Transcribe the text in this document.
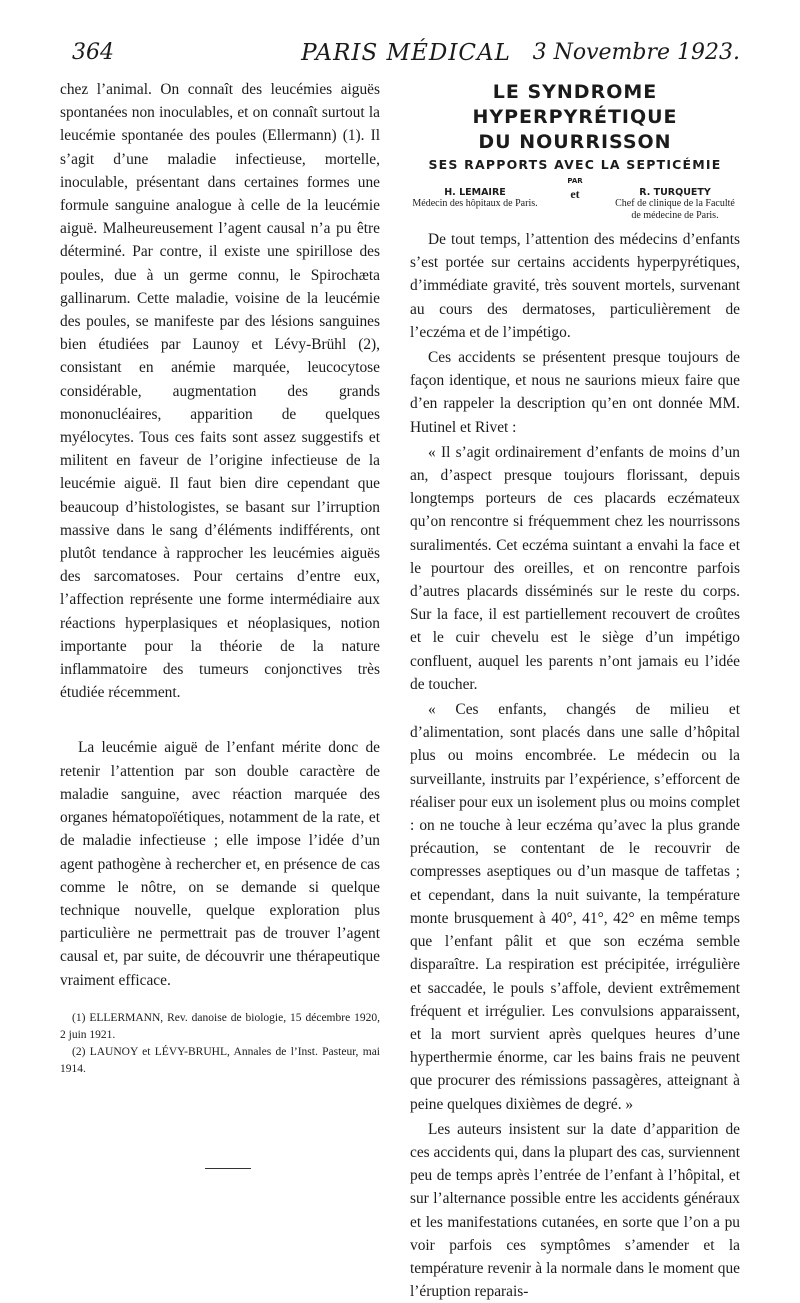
364	PARIS MÉDICAL 3 Novembre 1923.

chez l’animal. On connaît des leucémies aiguës spontanées non inoculables, et on connaît surtout la leucémie spontanée des poules (Ellermann) (1). Il s’agit d’une maladie infectieuse, mortelle, inoculable, présentant dans certaines formes une formule sanguine analogue à celle de la leucémie aiguë. Malheureusement l’agent causal n’a pu être déterminé. Par contre, il existe une spirillose des poules, due à un germe connu, le Spirochæta gallinarum. Cette maladie, voisine de la leucémie des poules, se manifeste par des lésions sanguines bien étudiées par Launoy et Lévy-Brühl (2), consistant en anémie marquée, leucocytose considérable, augmentation des grands mononucléaires, apparition de quelques myélocytes. Tous ces faits sont assez suggestifs et militent en faveur de l’origine infectieuse de la leucémie aiguë. Il faut bien dire cependant que beaucoup d’histologistes, se basant sur l’irruption massive dans le sang d’éléments indifférents, ont plutôt tendance à rapprocher les leucémies aiguës des sarcomatoses. Pour certains d’entre eux, l’affection représente une forme intermédiaire aux réactions hyperplasiques et néoplasiques, notion importante pour la théorie de la nature inflammatoire des tumeurs conjonctives très étudiée récemment.

La leucémie aiguë de l’enfant mérite donc de retenir l’attention par son double caractère de maladie sanguine, avec réaction marquée des organes hématopoïétiques, notamment de la rate, et de maladie infectieuse ; elle impose l’idée d’un agent pathogène à rechercher et, en présence de cas comme le nôtre, on se demande si quelque technique nouvelle, quelque exploration plus particulière ne permettrait pas de trouver l’agent causal et, par suite, de découvrir une thérapeutique vraiment efficace.

(1) ELLERMANN, Rev. danoise de biologie, 15 décembre 1920, 2 juin 1921.
(2) LAUNOY et LÉVY-BRUHL, Annales de l’Inst. Pasteur, mai 1914.
LE SYNDROME
HYPERPYRÉTIQUE
DU NOURRISSON
SES RAPPORTS AVEC LA SEPTICÉMIE
PAR
H. LEMAIRE
Médecin des hôpitaux de Paris.
et	R. TURQUETY
Chef de clinique de la Faculté de médecine de Paris.

De tout temps, l’attention des médecins d’enfants s’est portée sur certains accidents hyperpyrétiques, d’immédiate gravité, très souvent mortels, survenant au cours des dermatoses, particulièrement de l’eczéma et de l’impétigo.

Ces accidents se présentent presque toujours de façon identique, et nous ne saurions mieux faire que d’en rappeler la description qu’en ont donnée MM. Hutinel et Rivet :

« Il s’agit ordinairement d’enfants de moins d’un an, d’aspect presque toujours florissant, depuis longtemps porteurs de ces placards eczémateux qu’on rencontre si fréquemment chez les nourrissons suralimentés. Cet eczéma suintant a envahi la face et le pourtour des oreilles, et on rencontre parfois d’autres placards disséminés sur le reste du corps. Sur la face, il est partiellement recouvert de croûtes et le cuir chevelu est le siège d’un impétigo confluent, auquel les parents n’ont jamais eu l’idée de toucher.

« Ces enfants, changés de milieu et d’alimentation, sont placés dans une salle d’hôpital plus ou moins encombrée. Le médecin ou la surveillante, instruits par l’expérience, s’efforcent de réaliser pour eux un isolement plus ou moins complet : on ne touche à leur eczéma qu’avec la plus grande précaution, se contentant de le recouvrir de compresses aseptiques ou d’un masque de taffetas ; et cependant, dans la nuit suivante, la température monte brusquement à 40°, 41°, 42° en même temps que l’enfant pâlit et que son eczéma semble disparaître. La respiration est précipitée, irrégulière et saccadée, le pouls s’affole, devient extrêmement fréquent et irrégulier. Les convulsions apparaissent, et la mort survient après quelques heures d’une hyperthermie énorme, car les bains frais ne peuvent que procurer des rémissions passagères, atteignant à peine quelques dixièmes de degré. »

Les auteurs insistent sur la date d’apparition de ces accidents qui, dans la plupart des cas, surviennent peu de temps après l’entrée de l’enfant à l’hôpital, et sur l’alternance possible entre les accidents généraux et les manifestations cutanées, en sorte que l’on a pu voir parfois ces symptômes s’amender et la température revenir à la normale dans le moment que l’éruption reparais-
